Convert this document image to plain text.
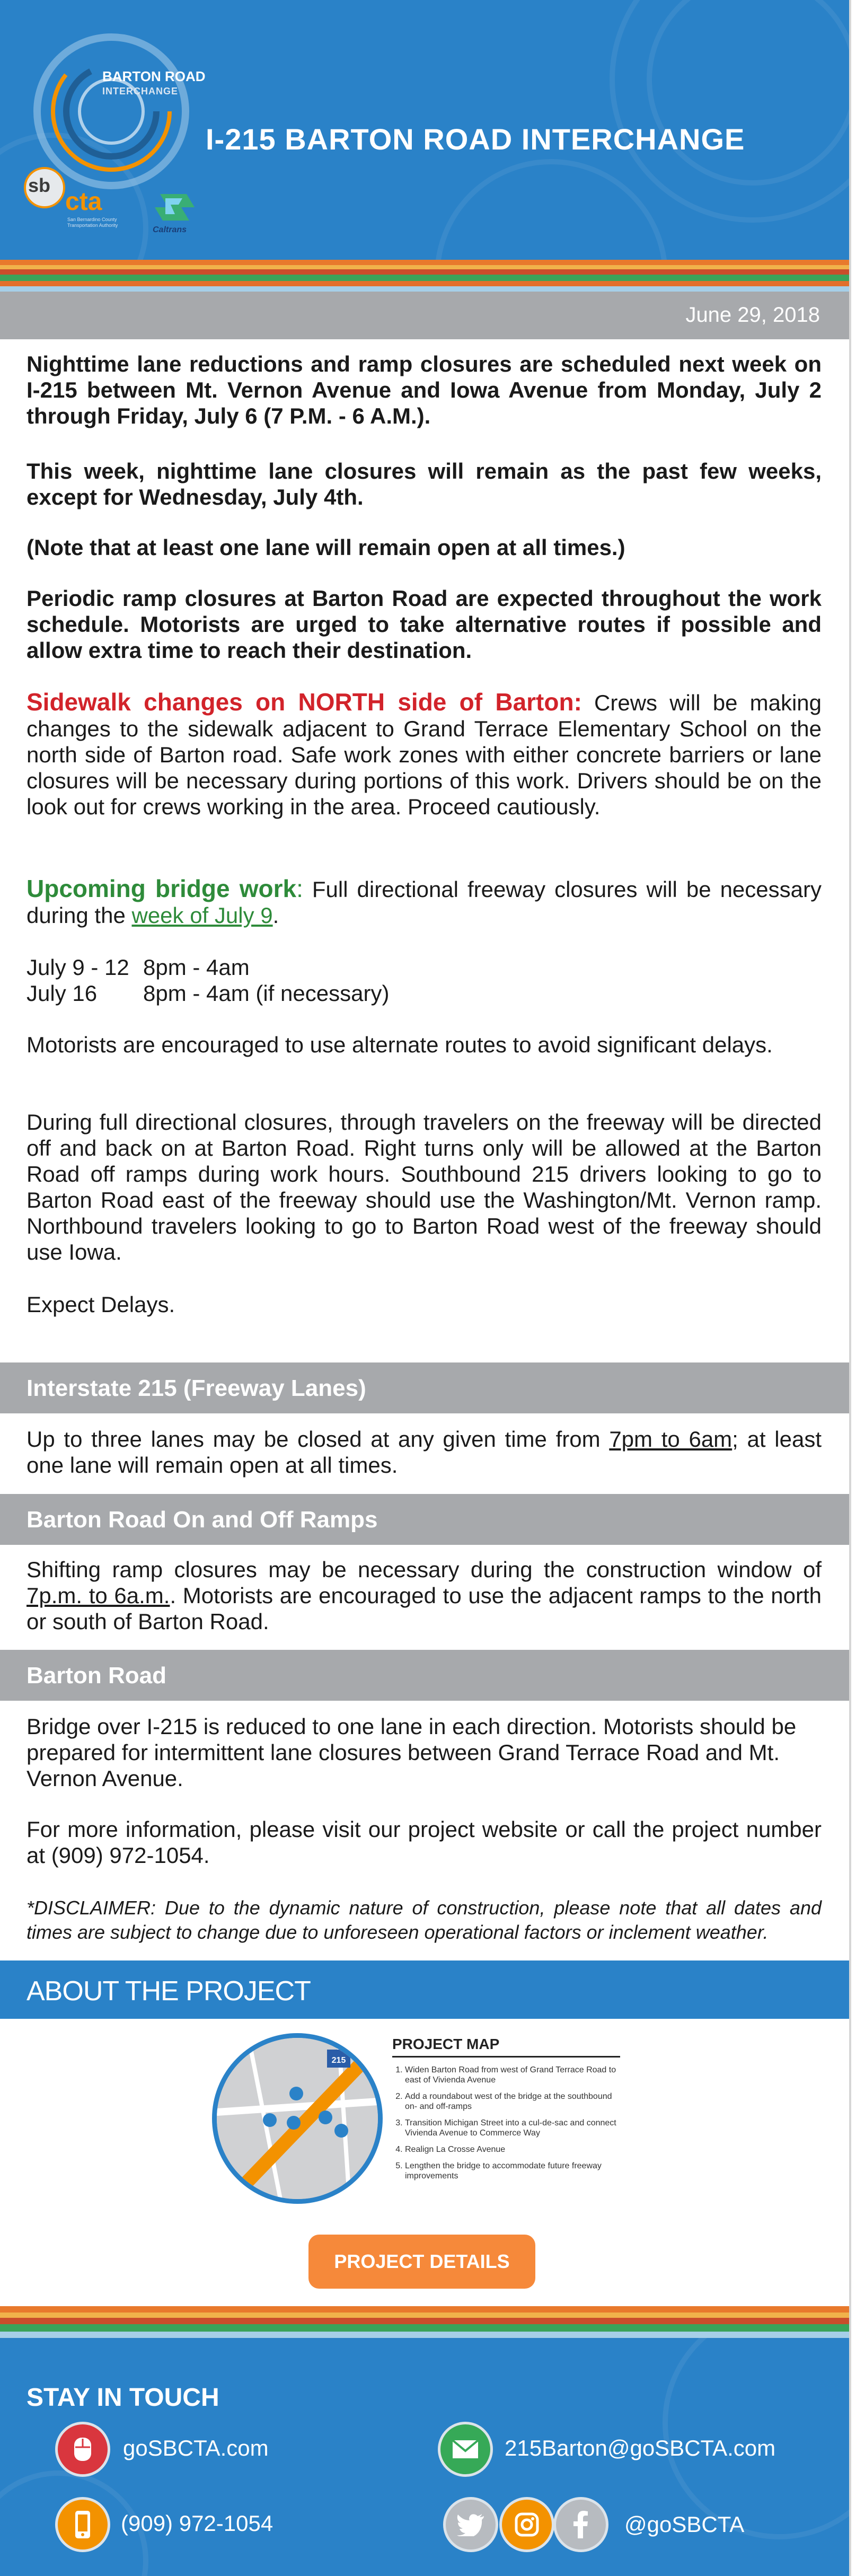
BARTON ROAD
INTERCHANGE
I-215 BARTON ROAD INTERCHANGE
sb
cta
San Bernardino County Transportation Authority	Caltrans
June 29, 2018
Nighttime lane reductions and ramp closures are scheduled next week on I-215 between Mt. Vernon Avenue and Iowa Avenue from Monday, July 2 through Friday, July 6 (7 P.M. - 6 A.M.).
This week, nighttime lane closures will remain as the past few weeks, except for Wednesday, July 4th.
(Note that at least one lane will remain open at all times.)
Periodic ramp closures at Barton Road are expected throughout the work schedule. Motorists are urged to take alternative routes if possible and allow extra time to reach their destination.
Sidewalk changes on NORTH side of Barton: Crews will be making changes to the sidewalk adjacent to Grand Terrace Elementary School on the north side of Barton road. Safe work zones with either concrete barriers or lane closures will be necessary during portions of this work. Drivers should be on the look out for crews working in the area. Proceed cautiously.
Upcoming bridge work: Full directional freeway closures will be necessary during the week of July 9.
July 9 - 12 8pm - 4am
July 16 8pm - 4am (if necessary)
Motorists are encouraged to use alternate routes to avoid significant delays.
During full directional closures, through travelers on the freeway will be directed off and back on at Barton Road. Right turns only will be allowed at the Barton Road off ramps during work hours. Southbound 215 drivers looking to go to Barton Road east of the freeway should use the Washington/Mt. Vernon ramp. Northbound travelers looking to go to Barton Road west of the freeway should use Iowa.
Expect Delays.
Interstate 215 (Freeway Lanes)
Up to three lanes may be closed at any given time from 7pm to 6am; at least one lane will remain open at all times.
Barton Road On and Off Ramps
Shifting ramp closures may be necessary during the construction window of 7p.m. to 6a.m.. Motorists are encouraged to use the adjacent ramps to the north or south of Barton Road.
Barton Road
Bridge over I-215 is reduced to one lane in each direction. Motorists should be prepared for intermittent lane closures between Grand Terrace Road and Mt. Vernon Avenue.
For more information, please visit our project website or call the project number at (909) 972-1054.
*DISCLAIMER: Due to the dynamic nature of construction, please note that all dates and times are subject to change due to unforeseen operational factors or inclement weather.
ABOUT THE PROJECT
215
PROJECT MAP
1. Widen Barton Road from west of Grand Terrace Road to east of Vivienda Avenue
2. Add a roundabout west of the bridge at the southbound on- and off-ramps
3. Transition Michigan Street into a cul-de-sac and connect Vivienda Avenue to Commerce Way
4. Realign La Crosse Avenue
5. Lengthen the bridge to accommodate future freeway improvements
PROJECT DETAILS
STAY IN TOUCH
goSBCTA.com	215Barton@goSBCTA.com
(909) 972-1054	@goSBCTA
